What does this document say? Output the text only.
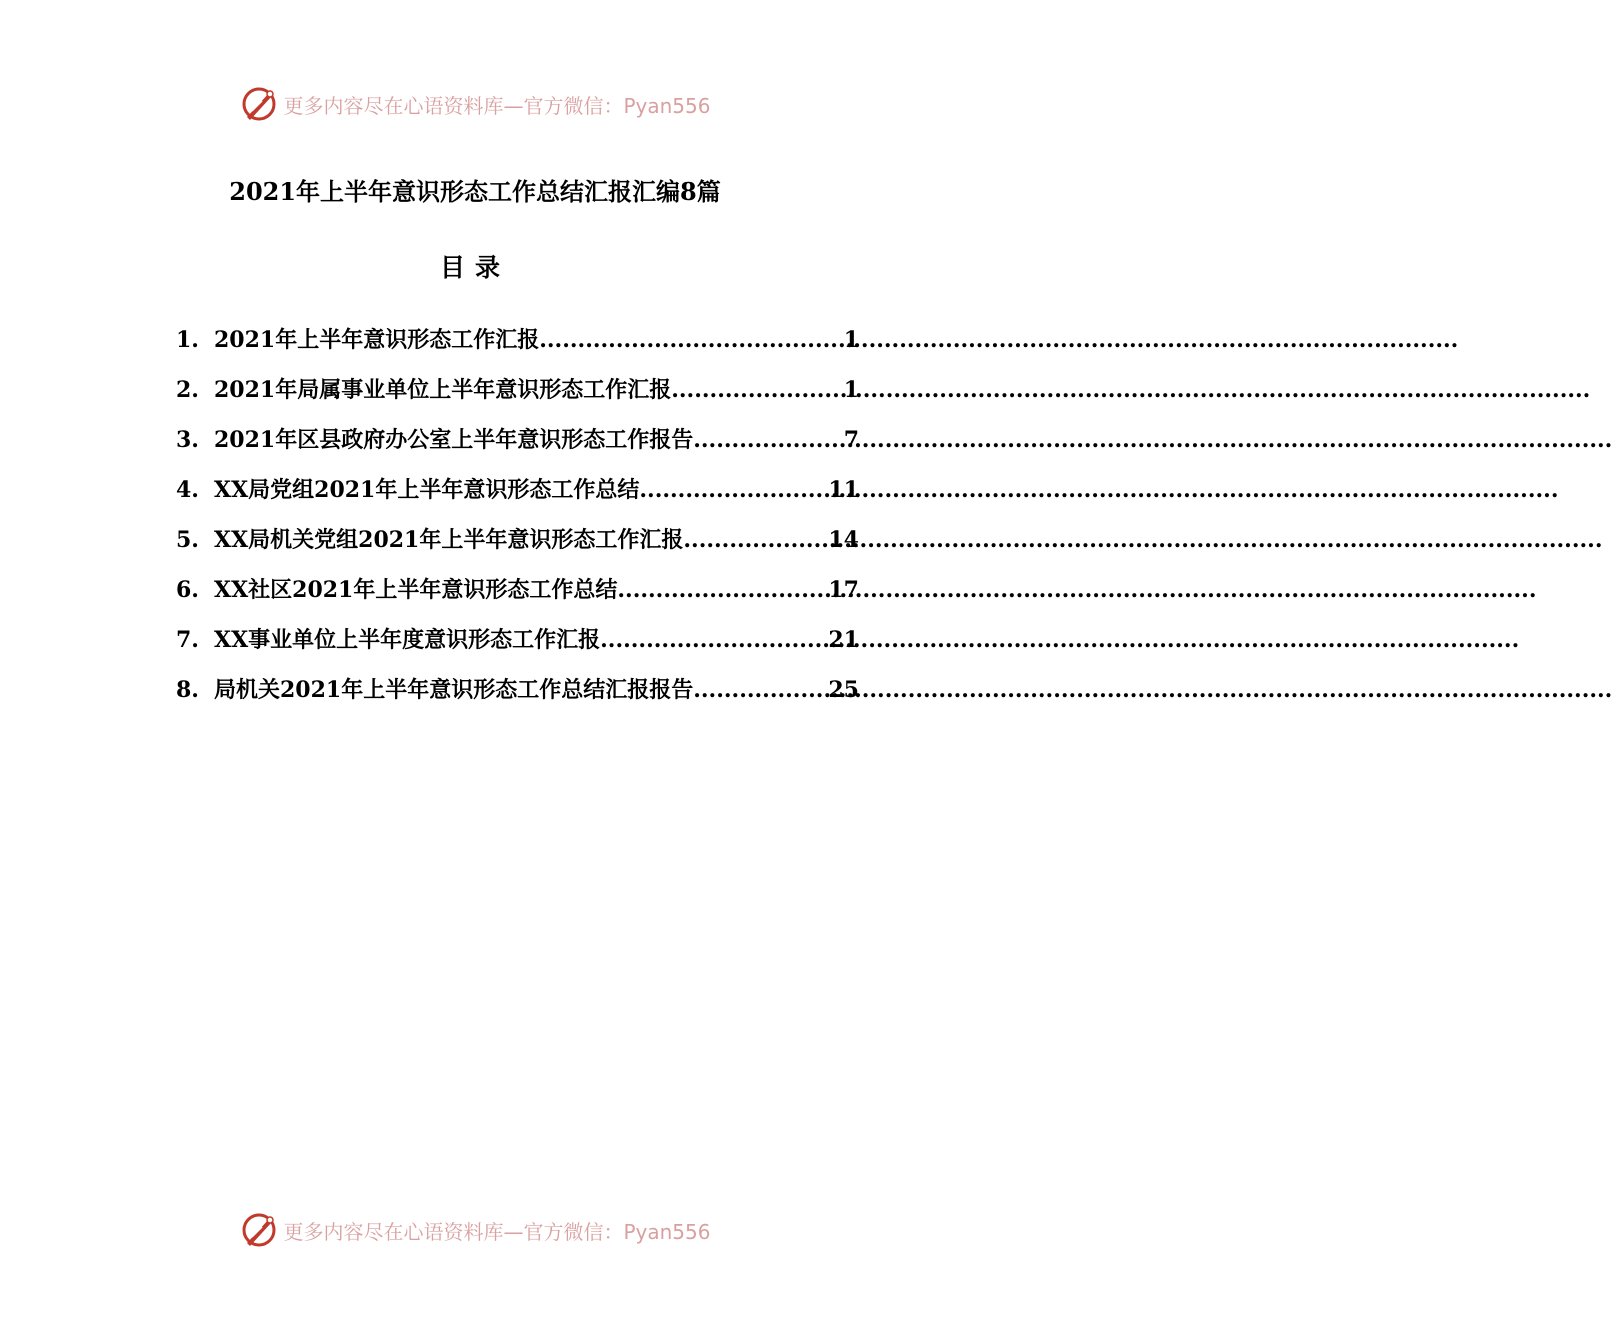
更多内容尽在心语资料库—官方微信：Pyan556
2021年上半年意识形态工作总结汇报汇编8篇
目录
1. 2021年上半年意识形态工作汇报 .....	1
2. 2021年局属事业单位上半年意识形态工作汇报 .....	1
3. 2021年区县政府办公室上半年意识形态工作报告 .....	7
4. XX局党组2021年上半年意识形态工作总结 .....	11
5. XX局机关党组2021年上半年意识形态工作汇报 .....	14
6. XX社区2021年上半年意识形态工作总结 .....	17
7. XX事业单位上半年度意识形态工作汇报 .....	21
8. 局机关2021年上半年意识形态工作总结汇报报告 .....	25
更多内容尽在心语资料库—官方微信：Pyan556
